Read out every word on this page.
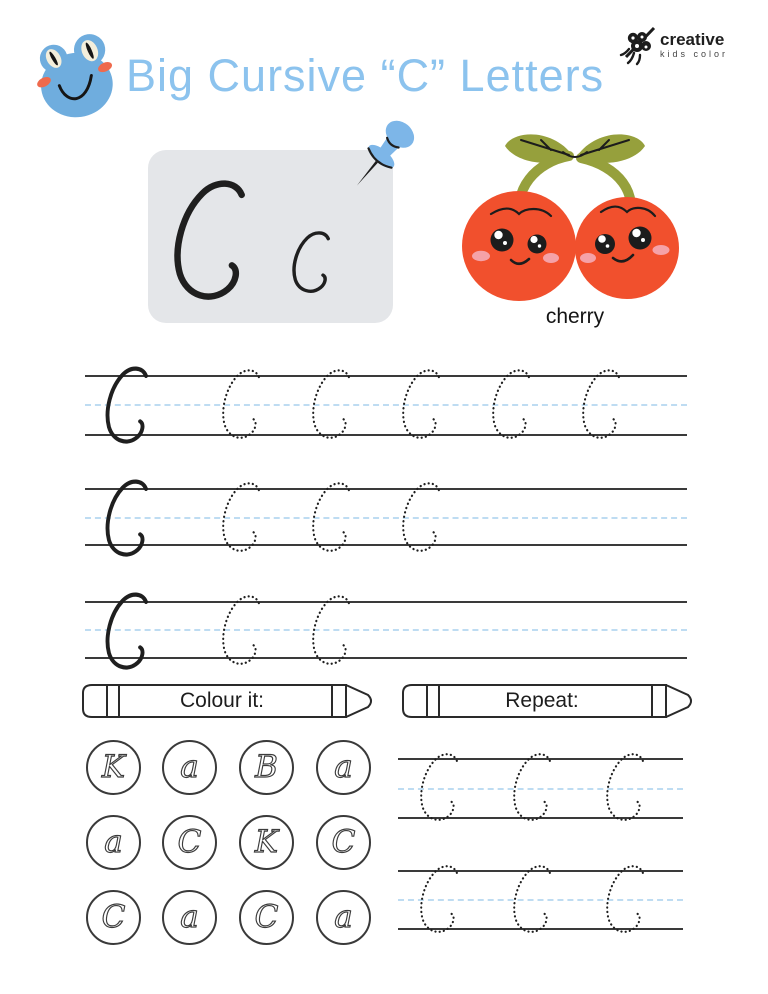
Big Cursive “C” Letters
creative
kids color
cherry
K a B a
a C K C
C a C a
Colour it:	Repeat:
